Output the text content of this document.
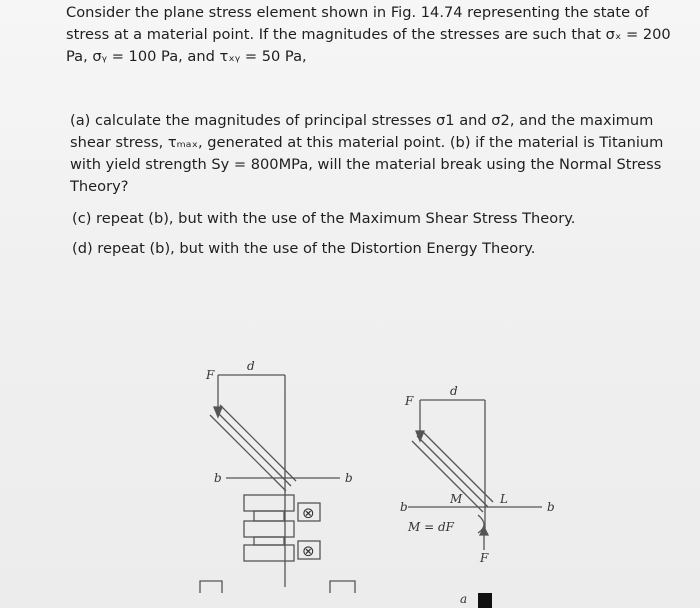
Consider the plane stress element shown in Fig. 14.74 representing the state of
stress at a material point. If the magnitudes of the stresses are such that σₓ = 200
Pa, σᵧ = 100 Pa, and τₓᵧ = 50 Pa,

(a) calculate the magnitudes of principal stresses σ1 and σ2, and the maximum
shear stress, τₘₐₓ, generated at this material point. (b) if the material is Titanium
with yield strength Sy = 800MPa, will the material break using the Normal Stress
Theory?

(c) repeat (b), but with the use of the Maximum Shear Stress Theory.

(d) repeat (b), but with the use of the Distortion Energy Theory.

F
d
b	b
⊗
⊗
F
d
M	L
b	b
M = dF
F
a
